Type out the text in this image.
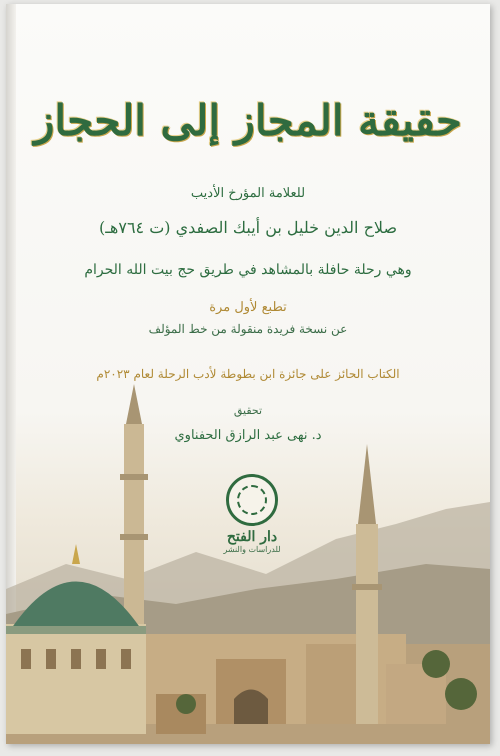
حقيقة المجاز إلى الحجاز
للعلامة المؤرخ الأديب
صلاح الدين خليل بن أيبك الصفدي (ت ٧٦٤هـ)
وهي رحلة حافلة بالمشاهد في طريق حج بيت الله الحرام
تطبع لأول مرة
عن نسخة فريدة منقولة من خط المؤلف
الكتاب الحائز على جائزة ابن بطوطة لأدب الرحلة لعام ٢٠٢٣م
تحقيق
د. نهى عبد الرازق الحفناوي
دار الفتح
للدراسات والنشر
